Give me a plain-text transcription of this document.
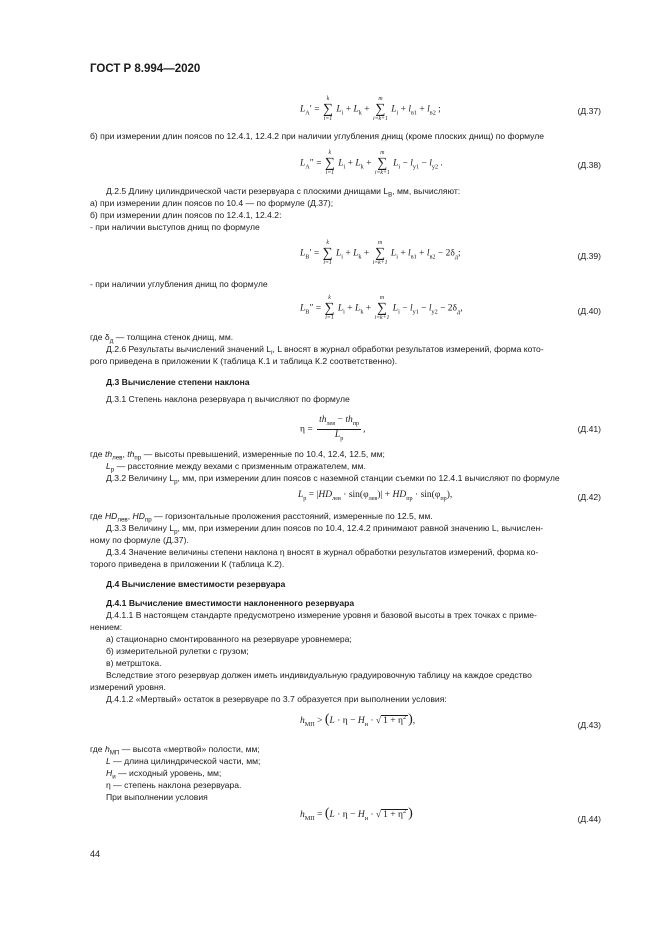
ГОСТ Р 8.994—2020
$L_A'$ =
k
∑
i=1
$L_i + L_k$ +
m
∑
i=k+1
$L_i + l_{в1} + l_{в2}$ ;	(Д.37)
б) при измерении длин поясов по 12.4.1, 12.4.2 при наличии углубления днищ (кроме плоских днищ) по формуле
$L_A''$ =
k
∑
i=1
$L_i + L_k$ +
m
∑
i=k+1
$L_i - l_{у1} - l_{у2}$ .	(Д.38)
Д.2.5 Длину цилиндрической части резервуара с плоскими днищами $L_B$, мм, вычисляют:
а) при измерении длин поясов по 10.4 — по формуле (Д.37);
б) при измерении длин поясов по 12.4.1, 12.4.2:
- при наличии выступов днищ по формуле
$L_B'$ =
k
∑
i=1
$L_i + L_k$ +
m
∑
i=k+1
$L_i + l_{в1} + l_{в2} - 2\delta_д$;	(Д.39)
- при наличии углубления днищ по формуле
$L_B''$ =
k
∑
i=1
$L_i + L_k$ +
m
∑
i=k+1
$L_i - l_{у1} - l_{у2} - 2\delta_д$,	(Д.40)
где $\delta_д$ — толщина стенок днищ, мм.
Д.2.6 Результаты вычислений значений $L_i$, L вносят в журнал обработки результатов измерений, форма кото-
рого приведена в приложении К (таблица К.1 и таблица К.2 соответственно).
Д.3 Вычисление степени наклона
Д.3.1 Степень наклона резервуара η вычисляют по формуле
$\eta = \frac{th_{лев} - th_{пр}}{L_р}$ ,	(Д.41)
где $th_{лев}$, $th_{пр}$ — высоты превышений, измеренные по 10.4, 12.4, 12.5, мм;
$L_р$ — расстояние между вехами с призменным отражателем, мм.
Д.3.2 Величину $L_р$, мм, при измерении длин поясов с наземной станции съемки по 12.4.1 вычисляют по формуле
$L_р = |HD_{лев} \cdot \sin(\varphi_{лев})| + HD_{пр} \cdot \sin(\varphi_{пр})$,	(Д.42)
где $HD_{лев}$, $HD_{пр}$ — горизонтальные проложения расстояний, измеренные по 12.5, мм.
Д.3.3 Величину $L_р$, мм, при измерении длин поясов по 10.4, 12.4.2 принимают равной значению L, вычислен-
ному по формуле (Д.37).
Д.3.4 Значение величины степени наклона η вносят в журнал обработки результатов измерений, форма ко-
торого приведена в приложении К (таблица К.2).
Д.4 Вычисление вместимости резервуара
Д.4.1 Вычисление вместимости наклоненного резервуара
Д.4.1.1 В настоящем стандарте предусмотрено измерение уровня и базовой высоты в трех точках с приме-
нением:
а) стационарно смонтированного на резервуаре уровнемера;
б) измерительной рулетки с грузом;
в) метрштока.
Вследствие этого резервуар должен иметь индивидуальную градуировочную таблицу на каждое средство
измерений уровня.
Д.4.1.2 «Мертвый» остаток в резервуаре по 3.7 образуется при выполнении условия:
$h_{МП} > (L \cdot \eta - H_и$ · √ $1 + \eta^2$ ),	(Д.43)
где $h_{МП}$ — высота «мертвой» полости, мм;
L — длина цилиндрической части, мм;
$H_и$ — исходный уровень, мм;
η — степень наклона резервуара.
При выполнении условия
$h_{МП} = (L \cdot \eta - H_и$ · √ $1 + \eta^2$ )	(Д.44)
44
